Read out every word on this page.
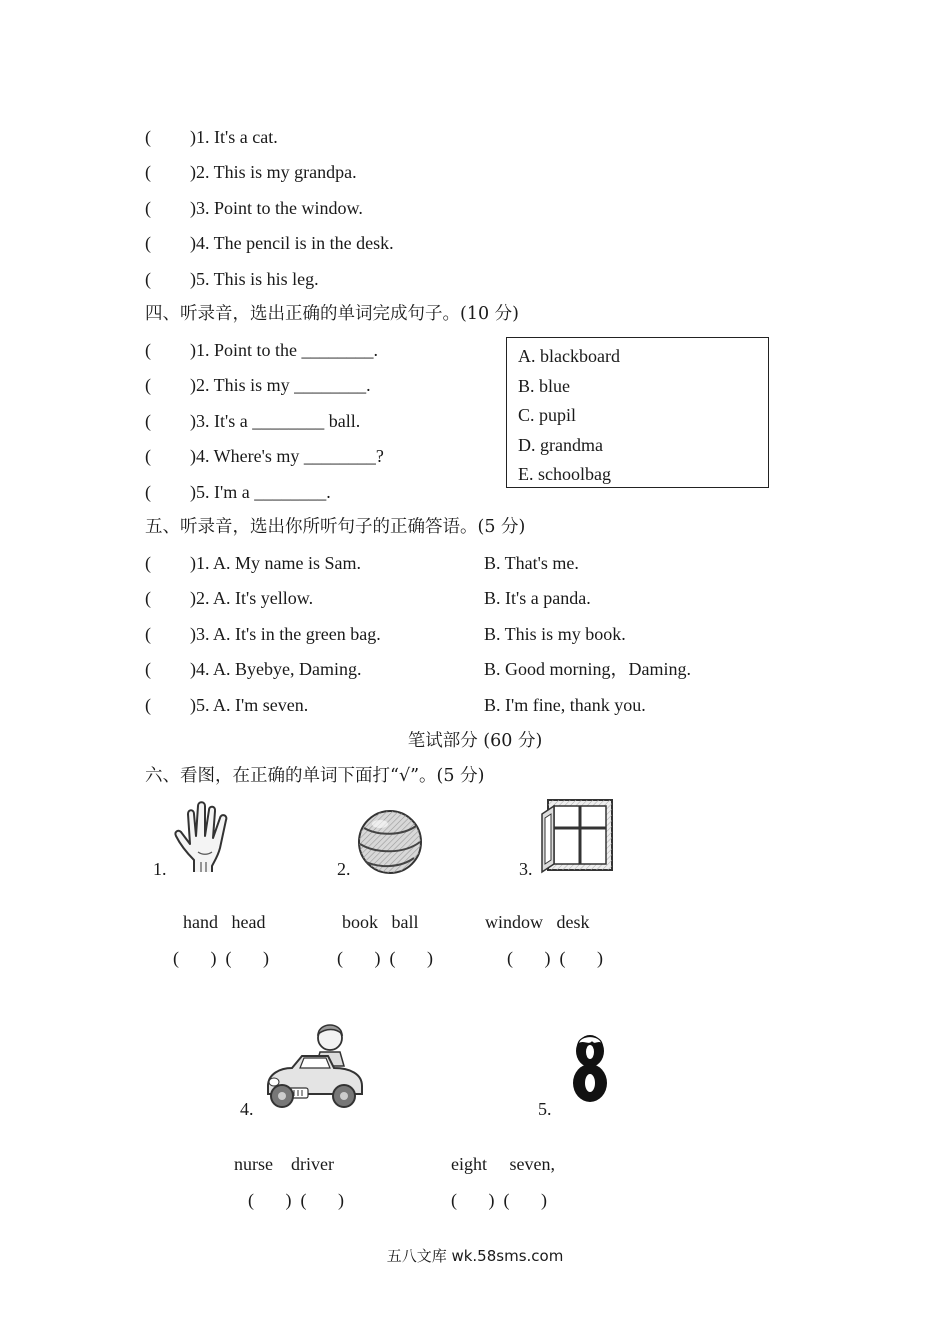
( )1. It's a cat.
( )2. This is my grandpa.
( )3. Point to the window.
( )4. The pencil is in the desk.
( )5. This is his leg.
四、听录音，选出正确的单词完成句子。(10 分)
( )1. Point to the ________.
( )2. This is my ________.
( )3. It's a ________ ball.
( )4. Where's my ________?
( )5. I'm a ________.
A. blackboard
B. blue
C. pupil
D. grandma
E. schoolbag
五、听录音，选出你所听句子的正确答语。(5 分)
( )1. A. My name is Sam.	B. That's me.
( )2. A. It's yellow.	B. It's a panda.
( )3. A. It's in the green bag.	B. This is my book.
( )4. A. Byebye, Daming.	B. Good morning，Daming.
( )5. A. I'm seven.	B. I'm fine, thank you.
笔试部分 (60 分)
六、看图，在正确的单词下面打“√”。(5 分)
1.
hand   head
(       )  (       )
2.
book   ball
(       )  (       )
3.
window   desk
(       )  (       )
4.
nurse    driver
(       )  (       )
5.
eight     seven,
(       )  (       )
五八文库 wk.58sms.com
